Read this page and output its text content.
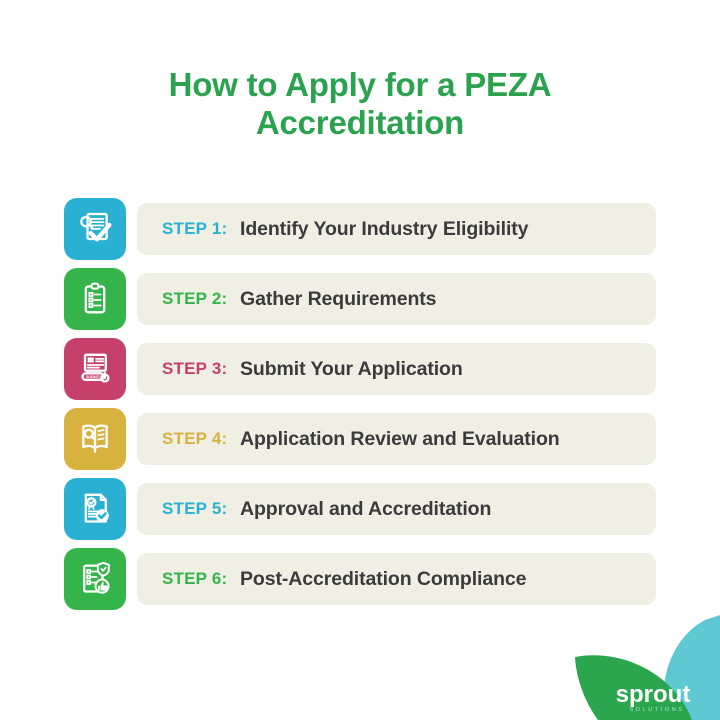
How to Apply for a PEZA Accreditation
STEP 1: Identify Your Industry Eligibility
STEP 2: Gather Requirements
SUBMIT	STEP 3: Submit Your Application
STEP 4: Application Review and Evaluation
STEP 5: Approval and Accreditation
STEP 6: Post-Accreditation Compliance
sprout
SOLUTIONS
